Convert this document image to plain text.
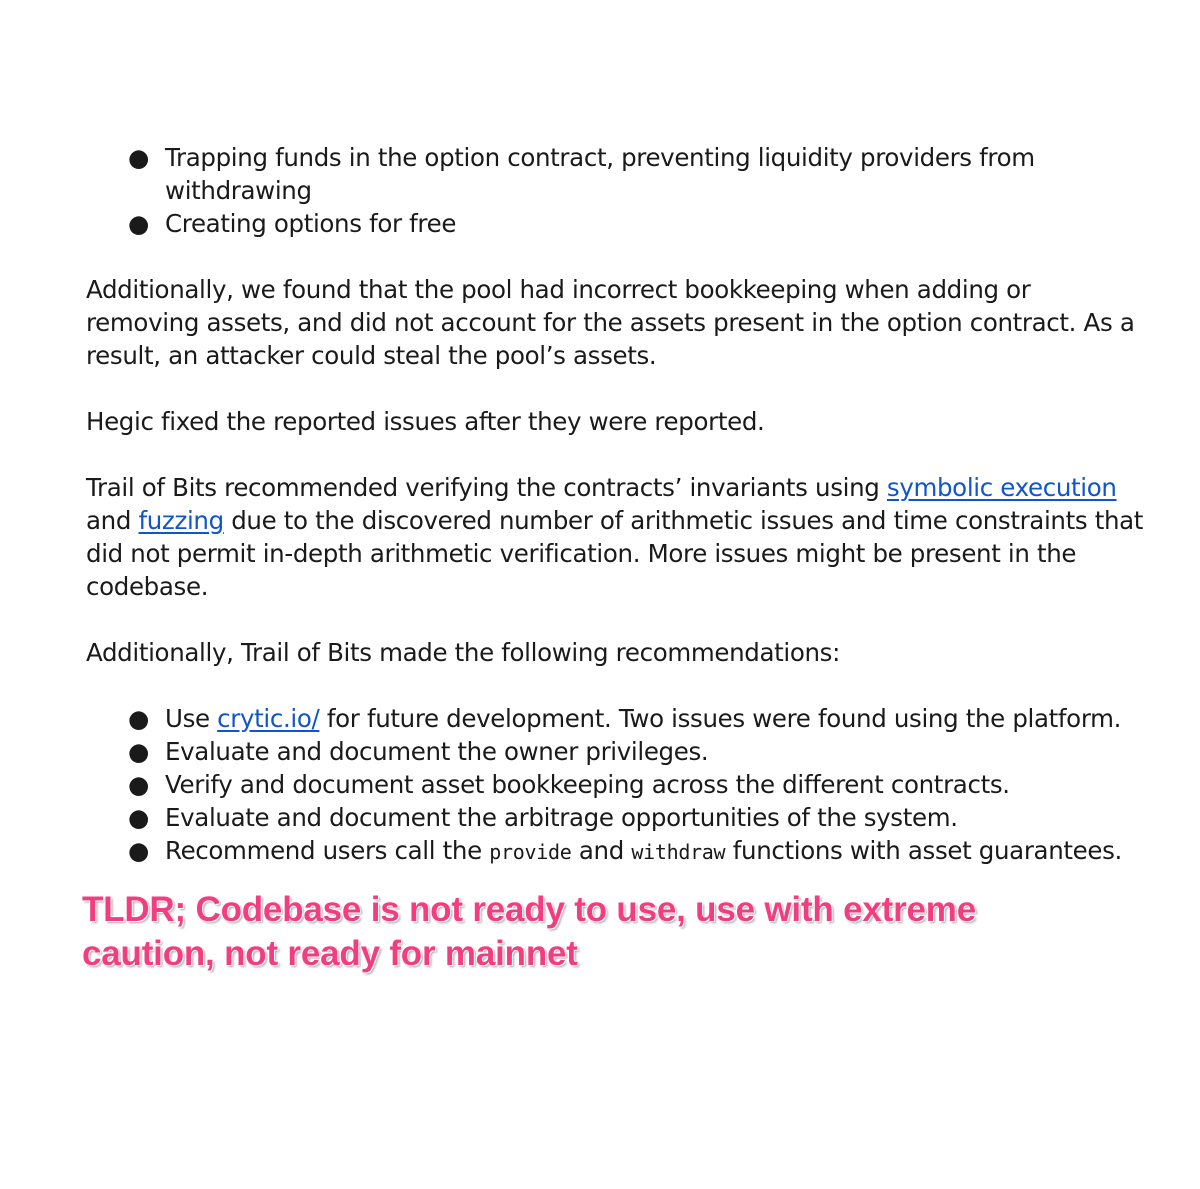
● Trapping funds in the option contract, preventing liquidity providers from withdrawing
● Creating options for free

Additionally, we found that the pool had incorrect bookkeeping when adding or removing assets, and did not account for the assets present in the option contract. As a result, an attacker could steal the pool’s assets.

Hegic fixed the reported issues after they were reported.

Trail of Bits recommended verifying the contracts’ invariants using symbolic execution and fuzzing due to the discovered number of arithmetic issues and time constraints that did not permit in-depth arithmetic verification. More issues might be present in the codebase.

Additionally, Trail of Bits made the following recommendations:

● Use crytic.io/ for future development. Two issues were found using the platform.
● Evaluate and document the owner privileges.
● Verify and document asset bookkeeping across the different contracts.
● Evaluate and document the arbitrage opportunities of the system.
● Recommend users call the provide and withdraw functions with asset guarantees.
TLDR; Codebase is not ready to use, use with extreme caution, not ready for mainnet
